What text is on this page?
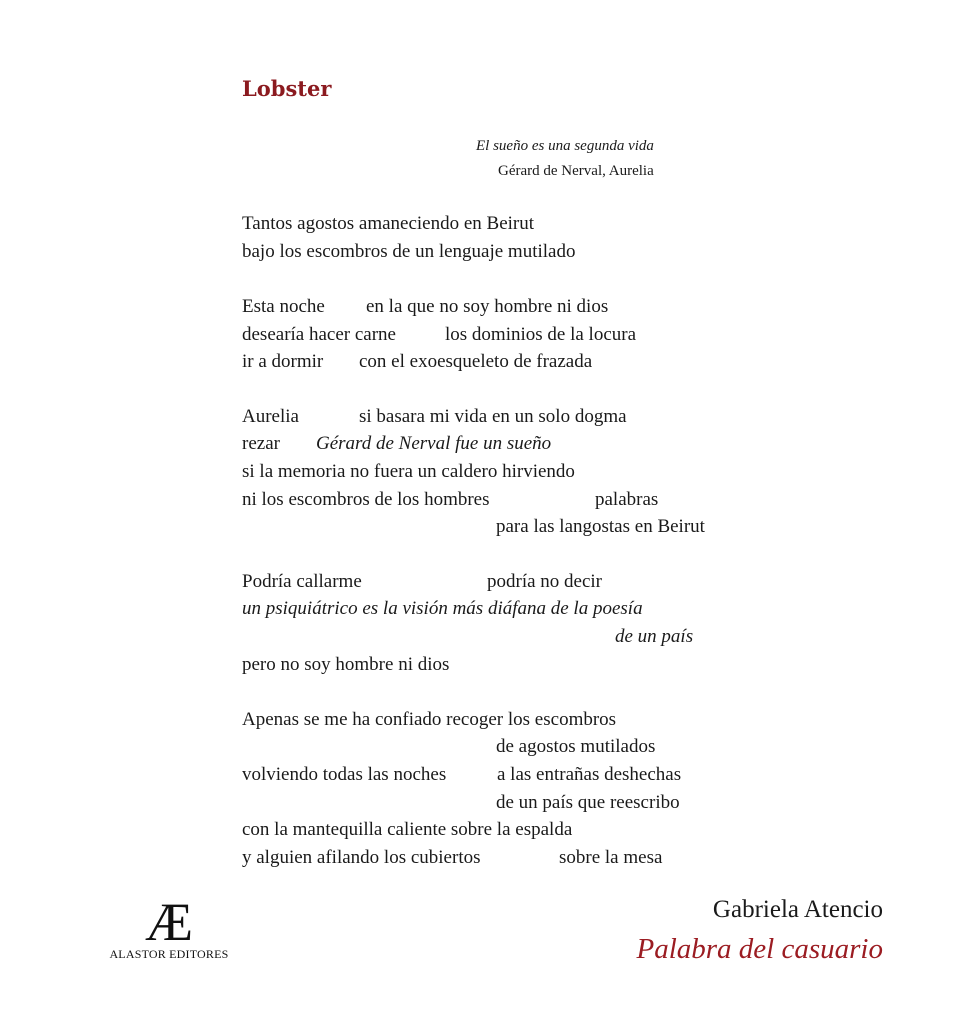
Lobster
El sueño es una segunda vida
Gérard de Nerval, Aurelia
Tantos agostos amaneciendo en Beirut
bajo los escombros de un lenguaje mutilado
Esta noche en la que no soy hombre ni dios
desearía hacer carne	los dominios de la locura
ir a dormir con el exoesqueleto de frazada
Aurelia	si basara mi vida en un solo dogma
rezar Gérard de Nerval fue un sueño
si la memoria no fuera un caldero hirviendo
ni los escombros de los hombres	palabras
para las langostas en Beirut
Podría callarme	podría no decir
un psiquiátrico es la visión más diáfana de la poesía
de un país
pero no soy hombre ni dios
Apenas se me ha confiado recoger los escombros
de agostos mutilados
volviendo todas las noches	a las entrañas deshechas
de un país que reescribo
con la mantequilla caliente sobre la espalda
y alguien afilando los cubiertos	sobre la mesa
Æ
ALASTOR EDITORES
Gabriela Atencio
Palabra del casuario
